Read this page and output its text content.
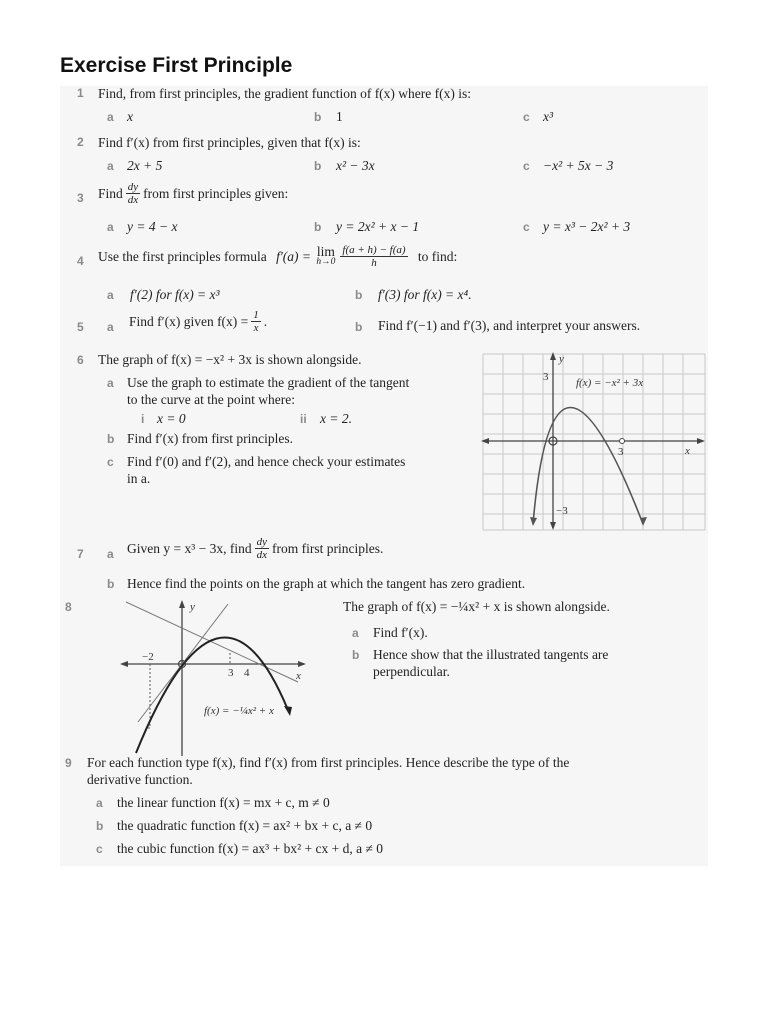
Exercise First Principle
1 Find, from first principles, the gradient function of f(x) where f(x) is:
a x	b 1	c x³
2 Find f′(x) from first principles, given that f(x) is:
a 2x + 5	b x² − 3x	c −x² + 5x − 3
3 Find $\frac{dy}{dx}$ from first principles given:
a y = 4 − x	b y = 2x² + x − 1	c y = x³ − 2x² + 3
4 Use the first principles formula f′(a) = lim
$h\to 0 \frac{f(a + h) - f(a)}{h}$ to find:
a f′(2) for f(x) = x³	b f′(3) for f(x) = x⁴.
5 a Find f′(x) given $f(x) = \frac{1}{x}$ .	b Find f′(−1) and f′(3), and interpret your answers.
6 The graph of f(x) = −x² + 3x is shown alongside.
a Use the graph to estimate the gradient of the tangent
to the curve at the point where:
i x = 0	ii x = 2.
b Find f′(x) from first principles.
c Find f′(0) and f′(2), and hence check your estimates
in a.
y
x
3
3
−3
f(x) = −x² + 3x
7 a Given y = x³ − 3x, find $\frac{dy}{dx}$ from first principles.
b Hence find the points on the graph at which the tangent has zero gradient.
8	y
x
−2
3 4
f(x) = −¼x² + x
The graph of f(x) = −¼x² + x is shown alongside.
a Find f′(x).
b Hence show that the illustrated tangents are
perpendicular.
9 For each function type f(x), find f′(x) from first principles. Hence describe the type of the
derivative function.
a the linear function f(x) = mx + c, m ≠ 0
b the quadratic function f(x) = ax² + bx + c, a ≠ 0
c the cubic function f(x) = ax³ + bx² + cx + d, a ≠ 0
